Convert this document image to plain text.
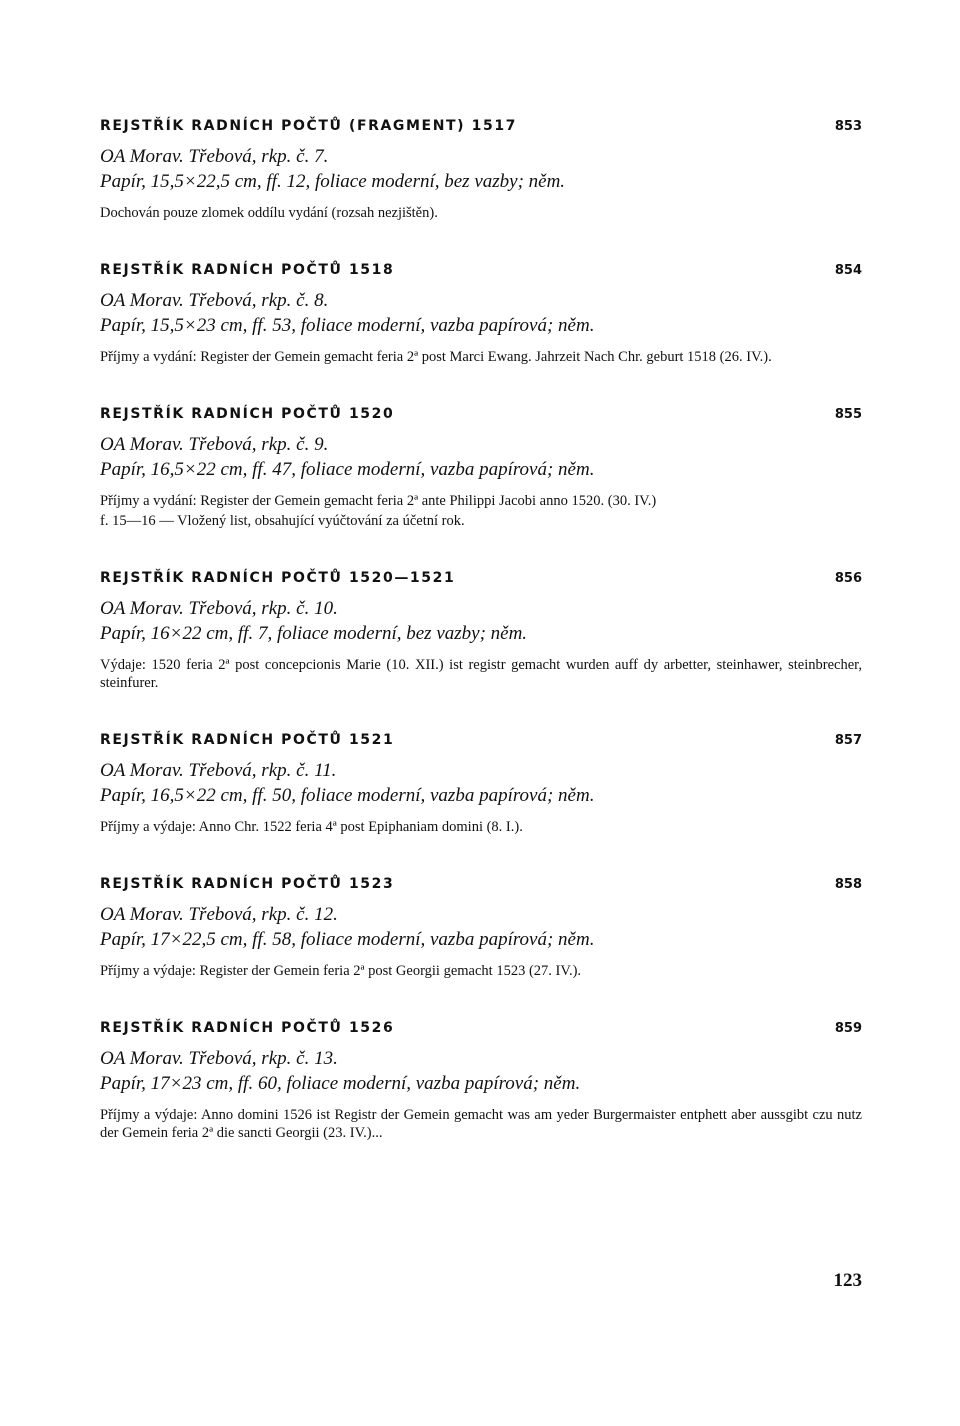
REJSTŘÍK RADNÍCH POČTŮ (FRAGMENT) 1517	853
OA Morav. Třebová, rkp. č. 7.
Papír, 15,5×22,5 cm, ff. 12, foliace moderní, bez vazby; něm.
Dochován pouze zlomek oddílu vydání (rozsah nezjištěn).
REJSTŘÍK RADNÍCH POČTŮ 1518	854
OA Morav. Třebová, rkp. č. 8.
Papír, 15,5×23 cm, ff. 53, foliace moderní, vazba papírová; něm.
Příjmy a vydání: Register der Gemein gemacht feria 2ª post Marci Ewang. Jahrzeit Nach Chr. geburt 1518 (26. IV.).
REJSTŘÍK RADNÍCH POČTŮ 1520	855
OA Morav. Třebová, rkp. č. 9.
Papír, 16,5×22 cm, ff. 47, foliace moderní, vazba papírová; něm.
Příjmy a vydání: Register der Gemein gemacht feria 2ª ante Philippi Jacobi anno 1520. (30. IV.)
f. 15—16 — Vložený list, obsahující vyúčtování za účetní rok.
REJSTŘÍK RADNÍCH POČTŮ 1520—1521	856
OA Morav. Třebová, rkp. č. 10.
Papír, 16×22 cm, ff. 7, foliace moderní, bez vazby; něm.
Výdaje: 1520 feria 2ª post concepcionis Marie (10. XII.) ist registr gemacht wurden auff dy arbetter, steinhawer, steinbrecher, steinfurer.
REJSTŘÍK RADNÍCH POČTŮ 1521	857
OA Morav. Třebová, rkp. č. 11.
Papír, 16,5×22 cm, ff. 50, foliace moderní, vazba papírová; něm.
Příjmy a výdaje: Anno Chr. 1522 feria 4ª post Epiphaniam domini (8. I.).
REJSTŘÍK RADNÍCH POČTŮ 1523	858
OA Morav. Třebová, rkp. č. 12.
Papír, 17×22,5 cm, ff. 58, foliace moderní, vazba papírová; něm.
Příjmy a výdaje: Register der Gemein feria 2ª post Georgii gemacht 1523 (27. IV.).
REJSTŘÍK RADNÍCH POČTŮ 1526	859
OA Morav. Třebová, rkp. č. 13.
Papír, 17×23 cm, ff. 60, foliace moderní, vazba papírová; něm.
Příjmy a výdaje: Anno domini 1526 ist Registr der Gemein gemacht was am yeder Burgermaister entphett aber aussgibt czu nutz der Gemein feria 2ª die sancti Georgii (23. IV.)...
123
